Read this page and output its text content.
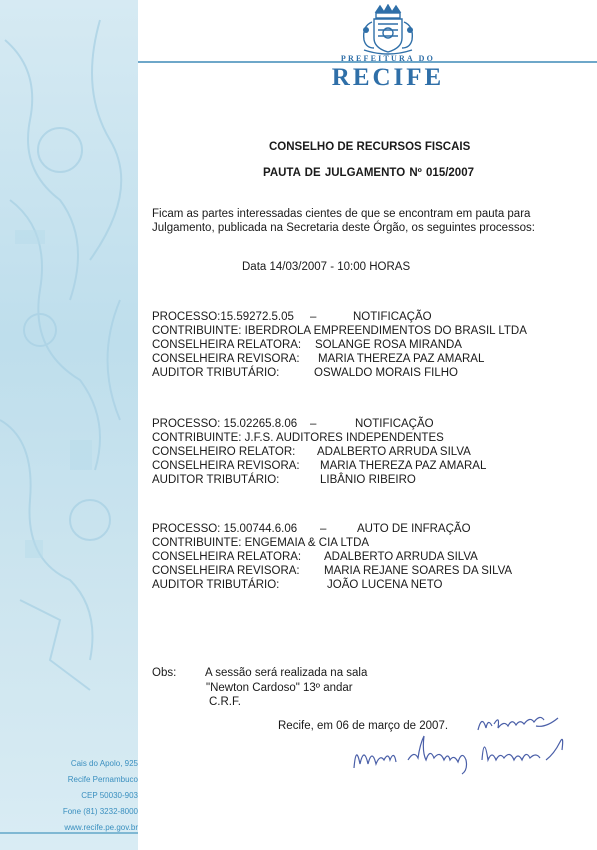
Cais do Apolo, 925
Recife Pernambuco
CEP 50030-903
Fone (81) 3232-8000
www.recife.pe.gov.br
PREFEITURA DO
RECIFE
CONSELHO DE RECURSOS FISCAIS
PAUTA DE JULGAMENTO Nº 015/2007
Ficam as partes interessadas cientes de que se encontram em pauta para
Julgamento, publicada na Secretaria deste Órgão, os seguintes processos:
Data 14/03/2007 - 10:00 HORAS
PROCESSO:15.59272.5.05 –	NOTIFICAÇÃO
CONTRIBUINTE: IBERDROLA EMPREENDIMENTOS DO BRASIL LTDA
CONSELHEIRA RELATORA: SOLANGE ROSA MIRANDA
CONSELHEIRA REVISORA: MARIA THEREZA PAZ AMARAL
AUDITOR TRIBUTÁRIO:	OSWALDO MORAIS FILHO
PROCESSO: 15.02265.8.06 –	NOTIFICAÇÃO
CONTRIBUINTE: J.F.S. AUDITORES INDEPENDENTES
CONSELHEIRO RELATOR: ADALBERTO ARRUDA SILVA
CONSELHEIRA REVISORA: MARIA THEREZA PAZ AMARAL
AUDITOR TRIBUTÁRIO:	LIBÂNIO RIBEIRO
PROCESSO: 15.00744.6.06 –	AUTO DE INFRAÇÃO
CONTRIBUINTE: ENGEMAIA & CIA LTDA
CONSELHEIRA RELATORA: ADALBERTO ARRUDA SILVA
CONSELHEIRA REVISORA: MARIA REJANE SOARES DA SILVA
AUDITOR TRIBUTÁRIO:	JOÃO LUCENA NETO
Obs: A sessão será realizada na sala
"Newton Cardoso" 13º andar
C.R.F.
Recife, em 06 de março de 2007.
